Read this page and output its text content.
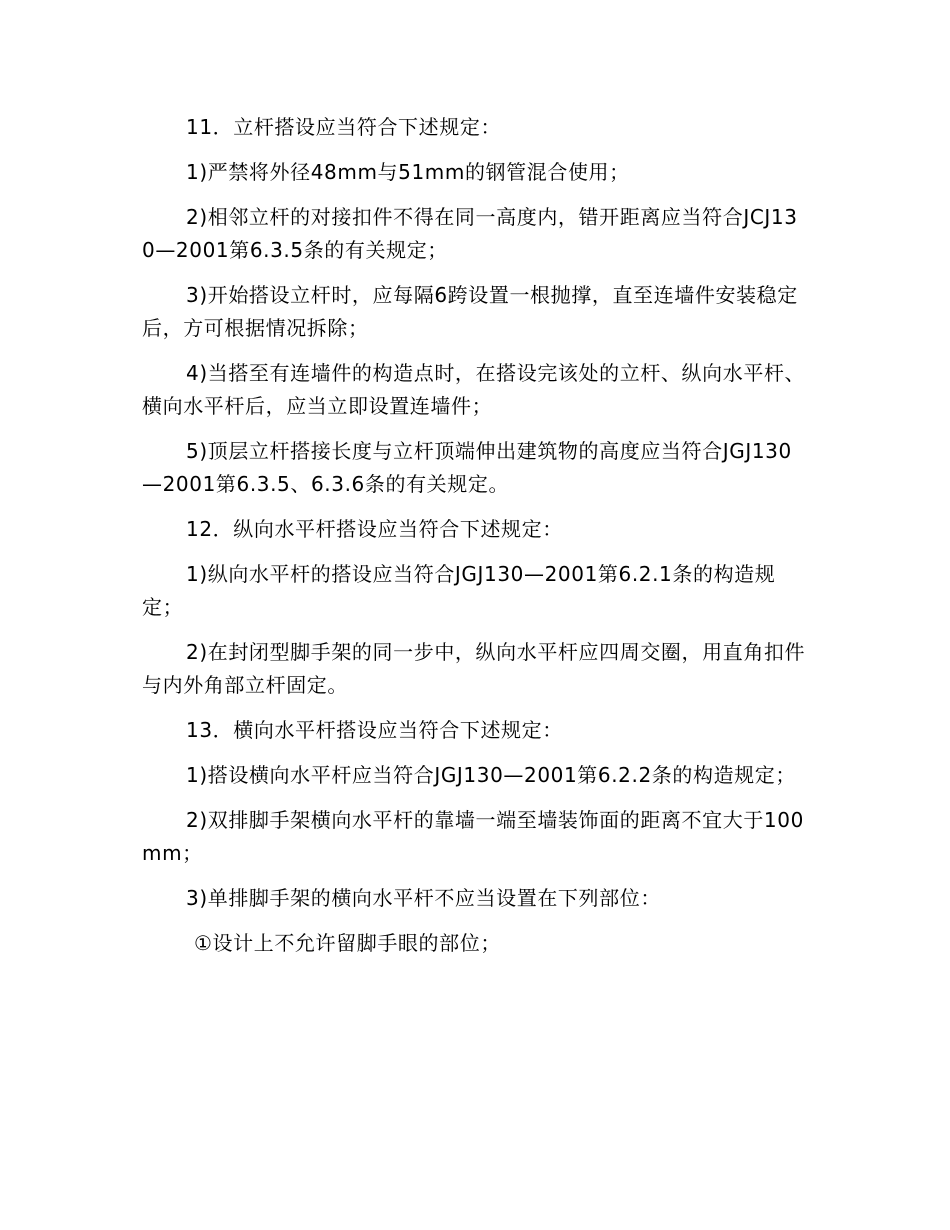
11．立杆搭设应当符合下述规定：

1)严禁将外径48mm与51mm的钢管混合使用；

2)相邻立杆的对接扣件不得在同一高度内，错开距离应当符合JCJ130—2001第6.3.5条的有关规定；

3)开始搭设立杆时，应每隔6跨设置一根抛撑，直至连墙件安装稳定后，方可根据情况拆除；

4)当搭至有连墙件的构造点时，在搭设完该处的立杆、纵向水平杆、横向水平杆后，应当立即设置连墙件；

5)顶层立杆搭接长度与立杆顶端伸出建筑物的高度应当符合JGJ130—2001第6.3.5、6.3.6条的有关规定。

12．纵向水平杆搭设应当符合下述规定：

1)纵向水平杆的搭设应当符合JGJ130—2001第6.2.1条的构造规定；

2)在封闭型脚手架的同一步中，纵向水平杆应四周交圈，用直角扣件与内外角部立杆固定。

13．横向水平杆搭设应当符合下述规定：

1)搭设横向水平杆应当符合JGJ130—2001第6.2.2条的构造规定；

2)双排脚手架横向水平杆的靠墙一端至墙装饰面的距离不宜大于100mm；

3)单排脚手架的横向水平杆不应当设置在下列部位：

①设计上不允许留脚手眼的部位；
